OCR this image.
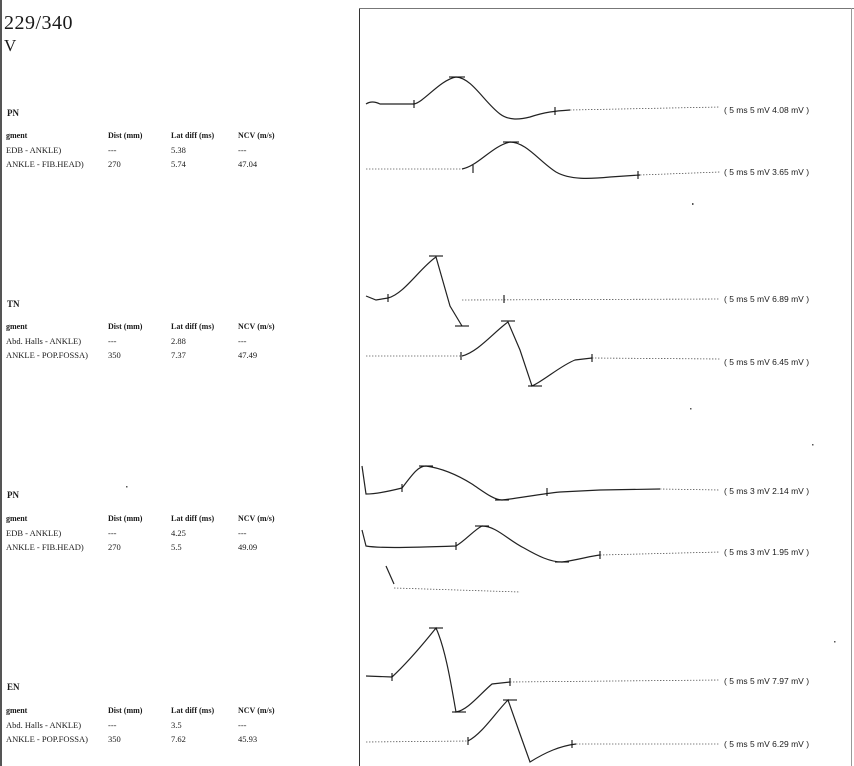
229/340
V
PN
gment	Dist (mm)	Lat diff (ms)	NCV (m/s)
EDB - ANKLE)	---	5.38	---
ANKLE - FIB.HEAD)	270	5.74	47.04
TN
gment	Dist (mm)	Lat diff (ms)	NCV (m/s)
Abd. Halls - ANKLE)	---	2.88	---
ANKLE - POP.FOSSA) 350	7.37	47.49
PN
gment	Dist (mm)	Lat diff (ms)	NCV (m/s)
EDB - ANKLE)	---	4.25	---
ANKLE - FIB.HEAD)	270	5.5	49.09
EN
gment	Dist (mm)	Lat diff (ms)	NCV (m/s)
Abd. Halls - ANKLE)	---	3.5	---
ANKLE - POP.FOSSA) 350	7.62	45.93
( 5 ms 5 mV 4.08 mV )
( 5 ms 5 mV 3.65 mV )
( 5 ms 5 mV 6.89 mV )
( 5 ms 5 mV 6.45 mV )
( 5 ms 3 mV 2.14 mV )
( 5 ms 3 mV 1.95 mV )
( 5 ms 5 mV 7.97 mV )
( 5 ms 5 mV 6.29 mV )
